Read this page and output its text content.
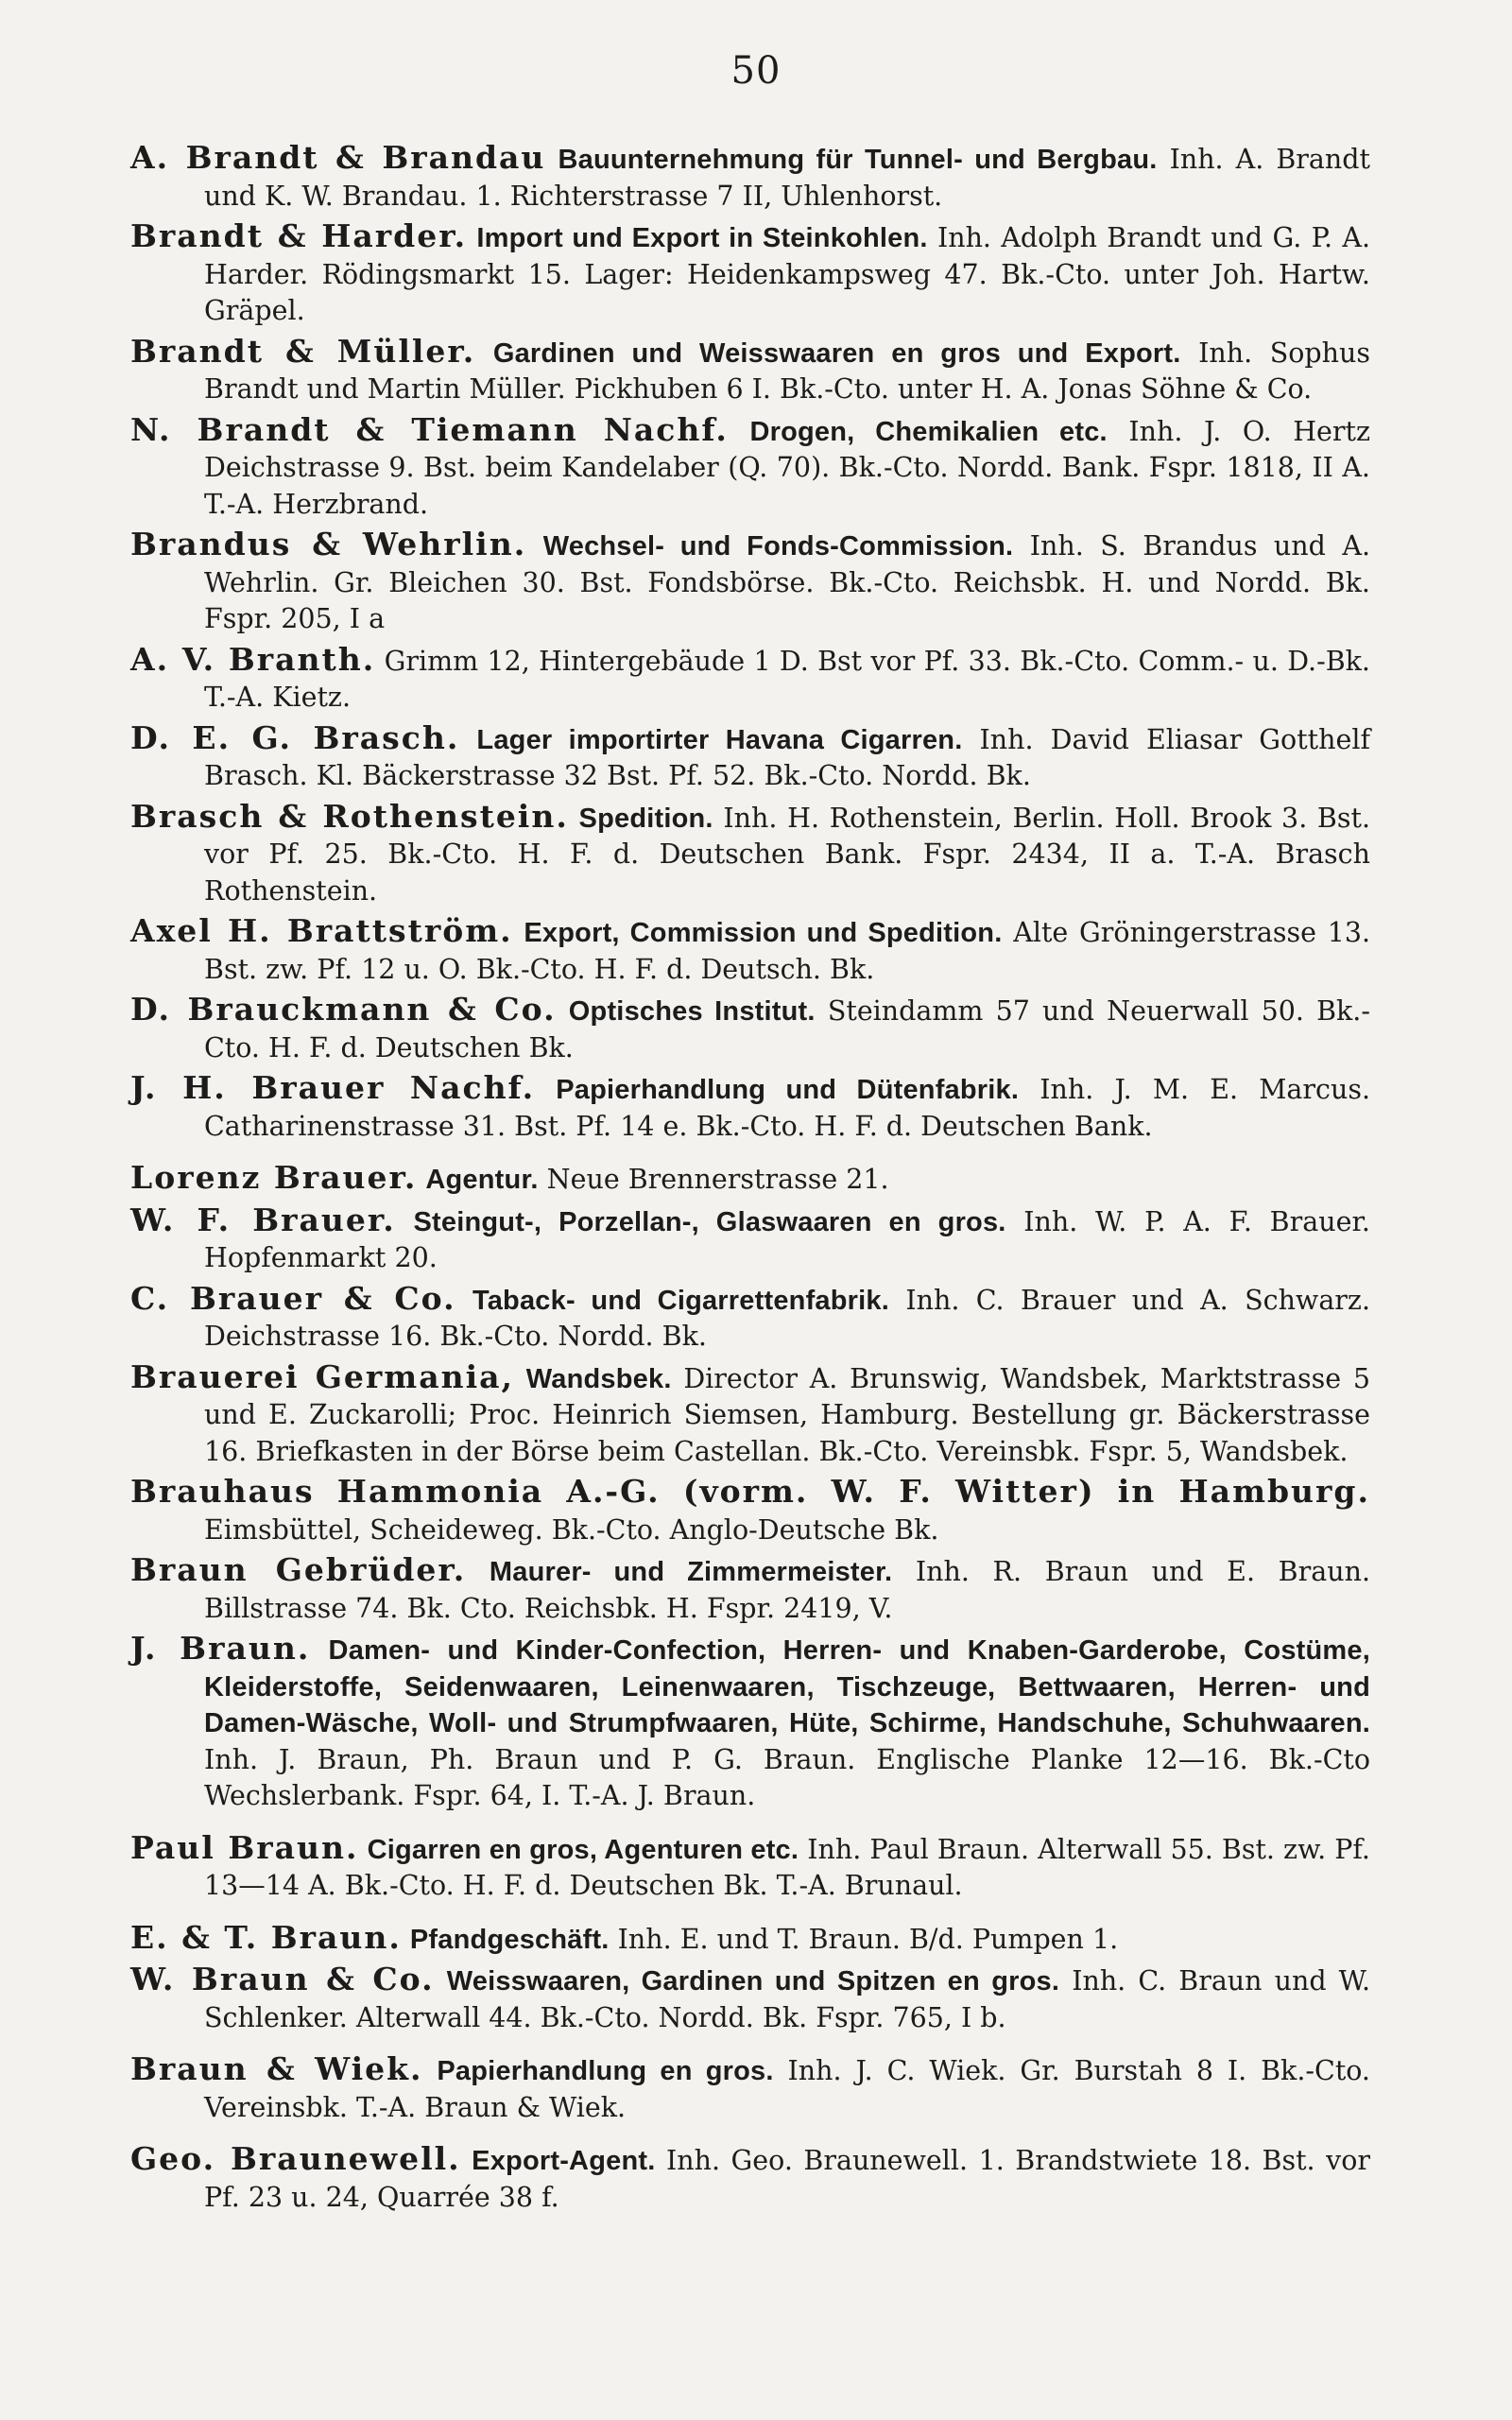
50

A. Brandt & Brandau Bauunternehmung für Tunnel- und Bergbau. Inh. A. Brandt und K. W. Brandau. 1. Richterstrasse 7 II, Uhlenhorst.

Brandt & Harder. Import und Export in Steinkohlen. Inh. Adolph Brandt und G. P. A. Harder. Rödingsmarkt 15. Lager: Heidenkampsweg 47. Bk.-Cto. unter Joh. Hartw. Gräpel.

Brandt & Müller. Gardinen und Weisswaaren en gros und Export. Inh. Sophus Brandt und Martin Müller. Pickhuben 6 I. Bk.-Cto. unter H. A. Jonas Söhne & Co.

N. Brandt & Tiemann Nachf. Drogen, Chemikalien etc. Inh. J. O. Hertz Deichstrasse 9. Bst. beim Kandelaber (Q. 70). Bk.-Cto. Nordd. Bank. Fspr. 1818, II A. T.-A. Herzbrand.

Brandus & Wehrlin. Wechsel- und Fonds-Commission. Inh. S. Brandus und A. Wehrlin. Gr. Bleichen 30. Bst. Fondsbörse. Bk.-Cto. Reichsbk. H. und Nordd. Bk. Fspr. 205, I a

A. V. Branth. Grimm 12, Hintergebäude 1 D. Bst vor Pf. 33. Bk.-Cto. Comm.- u. D.-Bk. T.-A. Kietz.

D. E. G. Brasch. Lager importirter Havana Cigarren. Inh. David Eliasar Gotthelf Brasch. Kl. Bäckerstrasse 32 Bst. Pf. 52. Bk.-Cto. Nordd. Bk.

Brasch & Rothenstein. Spedition. Inh. H. Rothenstein, Berlin. Holl. Brook 3. Bst. vor Pf. 25. Bk.-Cto. H. F. d. Deutschen Bank. Fspr. 2434, II a. T.-A. Brasch Rothenstein.

Axel H. Brattström. Export, Commission und Spedition. Alte Gröningerstrasse 13. Bst. zw. Pf. 12 u. O. Bk.-Cto. H. F. d. Deutsch. Bk.

D. Brauckmann & Co. Optisches Institut. Steindamm 57 und Neuerwall 50. Bk.-Cto. H. F. d. Deutschen Bk.

J. H. Brauer Nachf. Papierhandlung und Dütenfabrik. Inh. J. M. E. Marcus. Catharinenstrasse 31. Bst. Pf. 14 e. Bk.-Cto. H. F. d. Deutschen Bank.

Lorenz Brauer. Agentur. Neue Brennerstrasse 21.

W. F. Brauer. Steingut-, Porzellan-, Glaswaaren en gros. Inh. W. P. A. F. Brauer. Hopfenmarkt 20.

C. Brauer & Co. Taback- und Cigarrettenfabrik. Inh. C. Brauer und A. Schwarz. Deichstrasse 16. Bk.-Cto. Nordd. Bk.

Brauerei Germania, Wandsbek. Director A. Brunswig, Wandsbek, Marktstrasse 5 und E. Zuckarolli; Proc. Heinrich Siemsen, Hamburg. Bestellung gr. Bäckerstrasse 16. Briefkasten in der Börse beim Castellan. Bk.-Cto. Vereinsbk. Fspr. 5, Wandsbek.

Brauhaus Hammonia A.-G. (vorm. W. F. Witter) in Hamburg. Eimsbüttel, Scheideweg. Bk.-Cto. Anglo-Deutsche Bk.

Braun Gebrüder. Maurer- und Zimmermeister. Inh. R. Braun und E. Braun. Billstrasse 74. Bk. Cto. Reichsbk. H. Fspr. 2419, V.

J. Braun. Damen- und Kinder-Confection, Herren- und Knaben-Garderobe, Costüme, Kleiderstoffe, Seidenwaaren, Leinenwaaren, Tischzeuge, Bettwaaren, Herren- und Damen-Wäsche, Woll- und Strumpfwaaren, Hüte, Schirme, Handschuhe, Schuhwaaren. Inh. J. Braun, Ph. Braun und P. G. Braun. Englische Planke 12—16. Bk.-Cto Wechslerbank. Fspr. 64, I. T.-A. J. Braun.

Paul Braun. Cigarren en gros, Agenturen etc. Inh. Paul Braun. Alterwall 55. Bst. zw. Pf. 13—14 A. Bk.-Cto. H. F. d. Deutschen Bk. T.-A. Brunaul.

E. & T. Braun. Pfandgeschäft. Inh. E. und T. Braun. B/d. Pumpen 1.

W. Braun & Co. Weisswaaren, Gardinen und Spitzen en gros. Inh. C. Braun und W. Schlenker. Alterwall 44. Bk.-Cto. Nordd. Bk. Fspr. 765, I b.

Braun & Wiek. Papierhandlung en gros. Inh. J. C. Wiek. Gr. Burstah 8 I. Bk.-Cto. Vereinsbk. T.-A. Braun & Wiek.

Geo. Braunewell. Export-Agent. Inh. Geo. Braunewell. 1. Brandstwiete 18. Bst. vor Pf. 23 u. 24, Quarrée 38 f.
